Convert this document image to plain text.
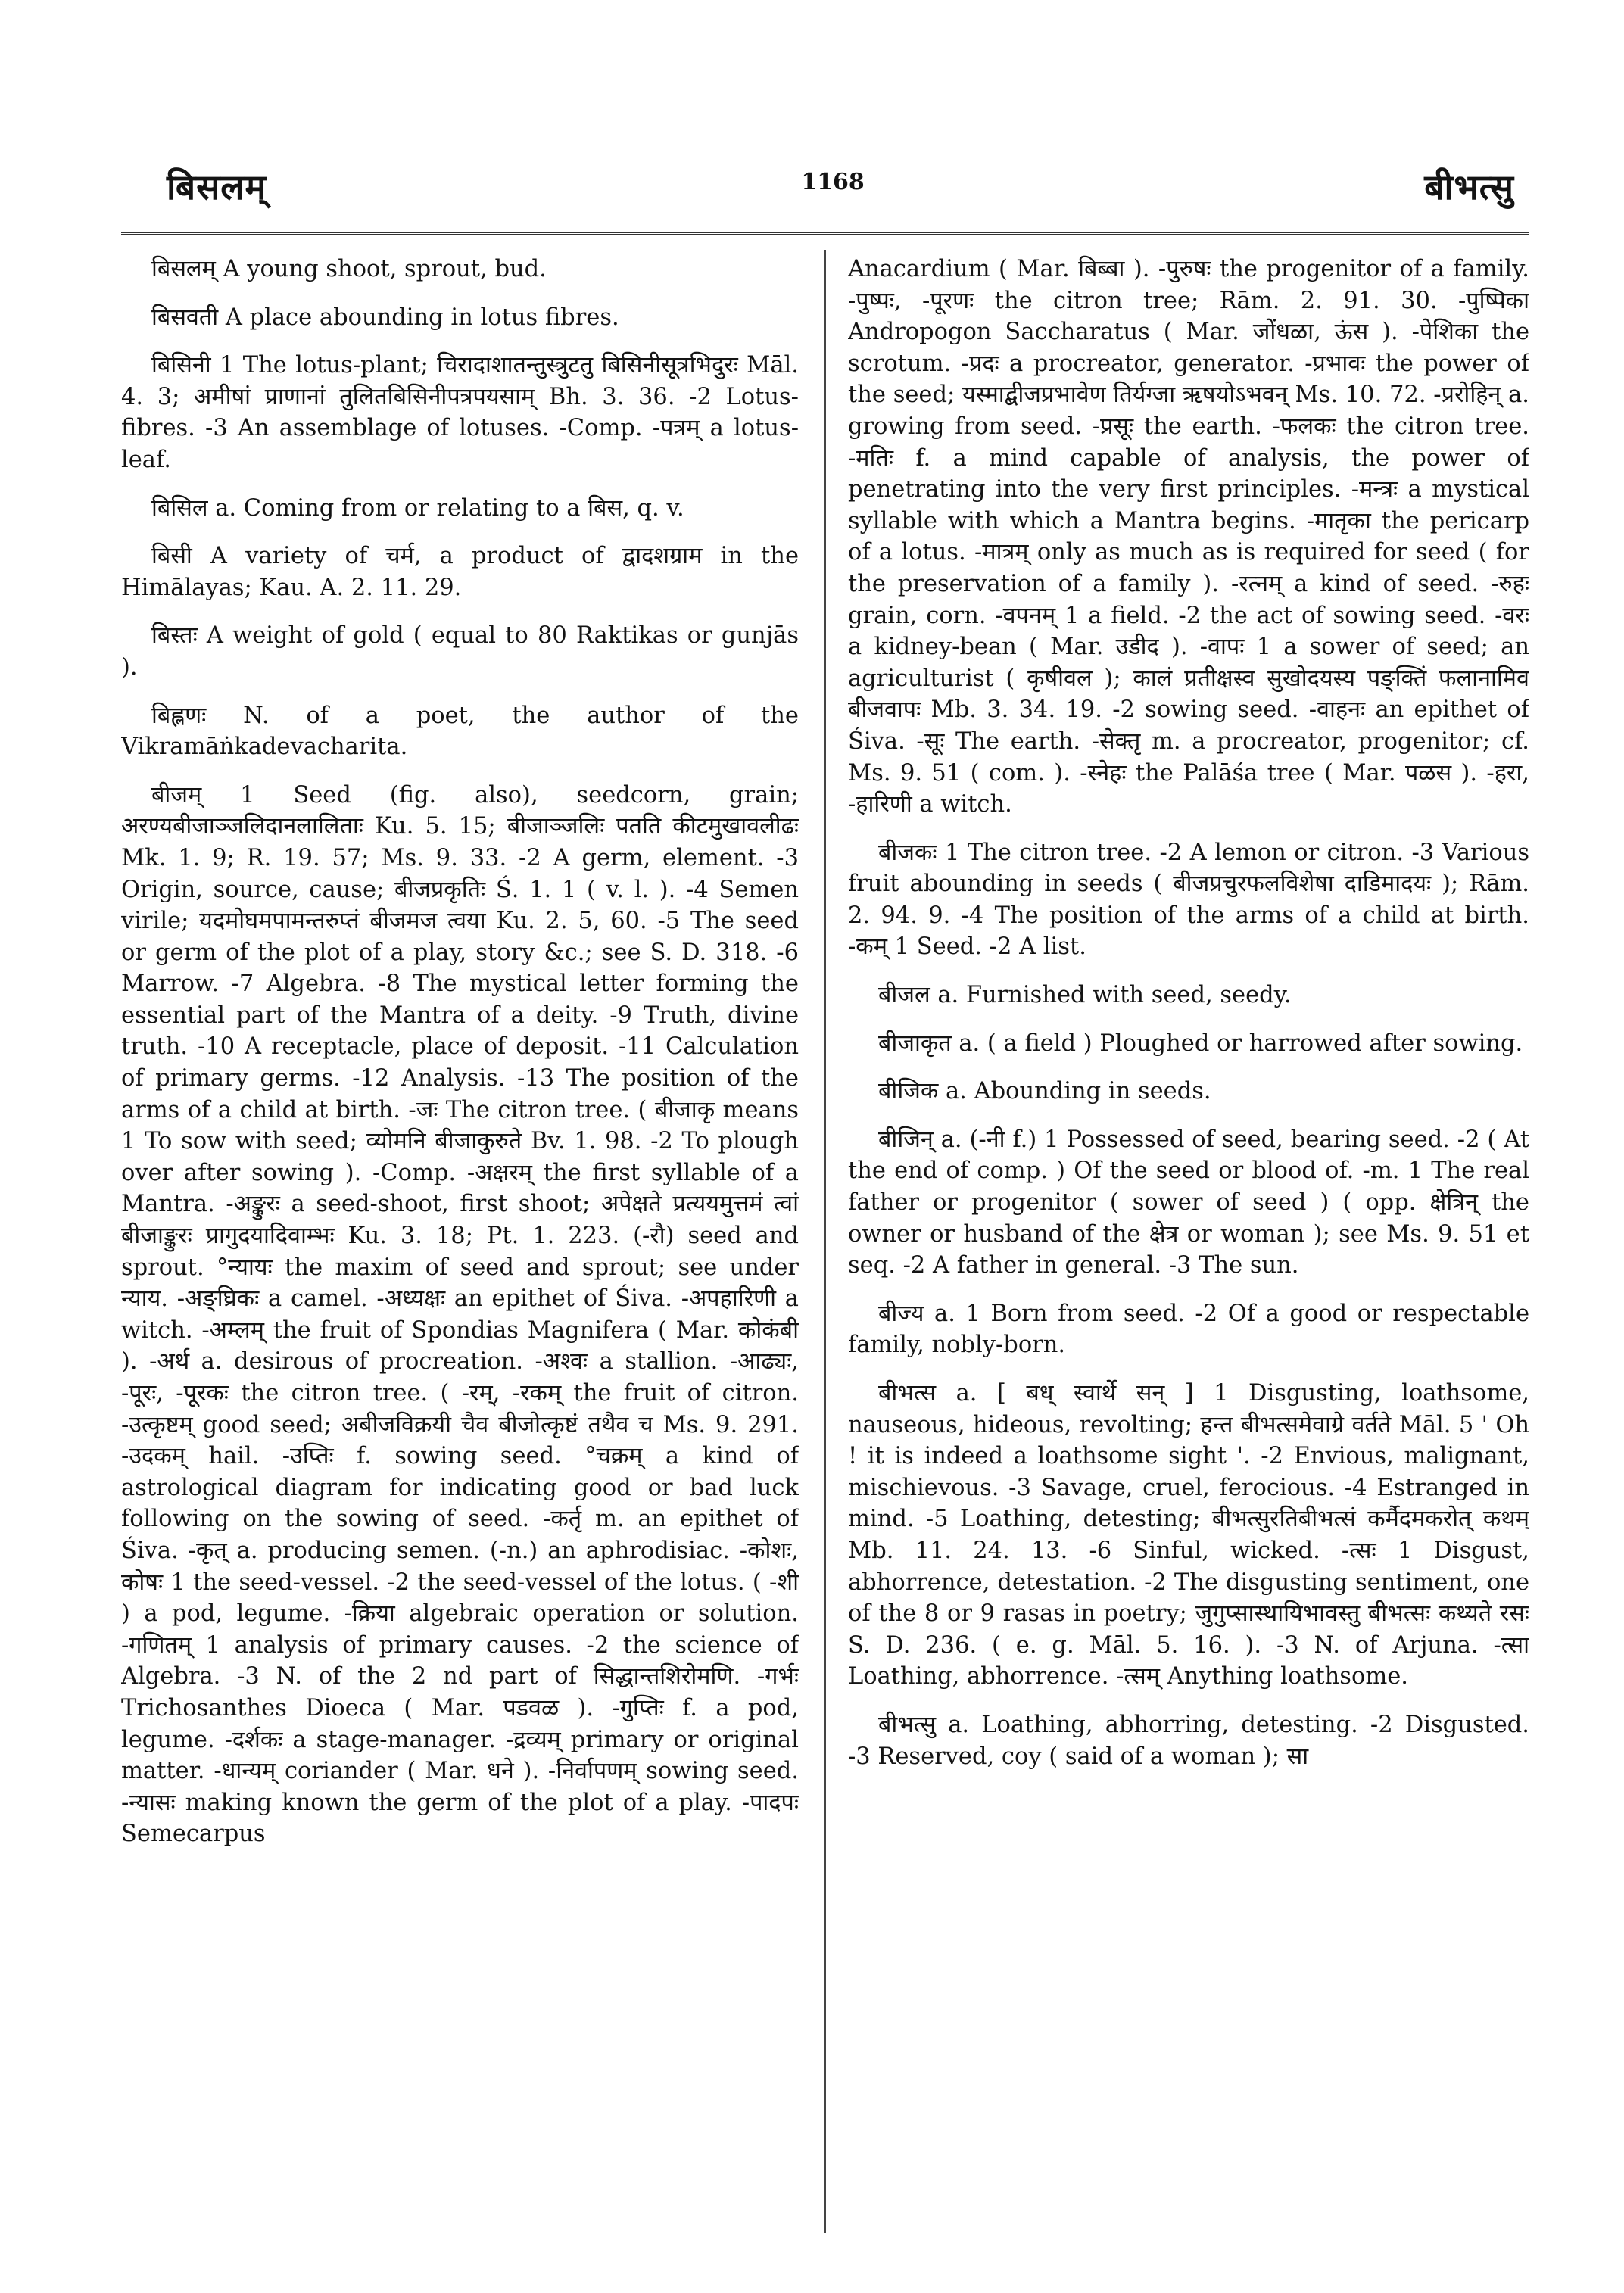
बिसलम्	1168	बीभत्सु

बिसलम् A young shoot, sprout, bud.

बिसवती A place abounding in lotus fibres.

बिसिनी 1 The lotus-plant; चिरादाशातन्तुस्त्रुटतु बिसिनीसूत्रभिदुरः Māl. 4. 3; अमीषां प्राणानां तुलितबिसिनीपत्रपयसाम् Bh. 3. 36. -2 Lotus-fibres. -3 An assemblage of lotuses. -Comp. -पत्रम् a lotus-leaf.

बिसिल a. Coming from or relating to a बिस, q. v.

बिसी A variety of चर्म, a product of द्वादशग्राम in the Himālayas; Kau. A. 2. 11. 29.

बिस्तः A weight of gold ( equal to 80 Raktikas or gunjās ).

बिह्लणः N. of a poet, the author of the Vikramāṅkadevacharita.

बीजम् 1 Seed (fig. also), seedcorn, grain; अरण्यबीजाञ्जलिदानलालिताः Ku. 5. 15; बीजाञ्जलिः पतति कीटमुखावलीढः Mk. 1. 9; R. 19. 57; Ms. 9. 33. -2 A germ, element. -3 Origin, source, cause; बीजप्रकृतिः Ś. 1. 1 ( v. l. ). -4 Semen virile; यदमोघमपामन्तरुप्तं बीजमज त्वया Ku. 2. 5, 60. -5 The seed or germ of the plot of a play, story &c.; see S. D. 318. -6 Marrow. -7 Algebra. -8 The mystical letter forming the essential part of the Mantra of a deity. -9 Truth, divine truth. -10 A receptacle, place of deposit. -11 Calculation of primary germs. -12 Analysis. -13 The position of the arms of a child at birth. -जः The citron tree. ( बीजाकृ means 1 To sow with seed; व्योमनि बीजाकुरुते Bv. 1. 98. -2 To plough over after sowing ). -Comp. -अक्षरम् the first syllable of a Mantra. -अङ्कुरः a seed-shoot, first shoot; अपेक्षते प्रत्ययमुत्तमं त्वां बीजाङ्कुरः प्रागुदयादिवाम्भः Ku. 3. 18; Pt. 1. 223. (-रौ) seed and sprout. °न्यायः the maxim of seed and sprout; see under न्याय. -अङ्घ्रिकः a camel. -अध्यक्षः an epithet of Śiva. -अपहारिणी a witch. -अम्लम् the fruit of Spondias Magnifera ( Mar. कोकंबी ). -अर्थ a. desirous of procreation. -अश्वः a stallion. -आढ्यः, -पूरः, -पूरकः the citron tree. ( -रम्, -रकम् the fruit of citron. -उत्कृष्टम् good seed; अबीजविक्रयी चैव बीजोत्कृष्टं तथैव च Ms. 9. 291. -उदकम् hail. -उप्तिः f. sowing seed. °चक्रम् a kind of astrological diagram for indicating good or bad luck following on the sowing of seed. -कर्तृ m. an epithet of Śiva. -कृत् a. producing semen. (-n.) an aphrodisiac. -कोशः, कोषः 1 the seed-vessel. -2 the seed-vessel of the lotus. ( -शी ) a pod, legume. -क्रिया algebraic operation or solution. -गणितम् 1 analysis of primary causes. -2 the science of Algebra. -3 N. of the 2 nd part of सिद्धान्तशिरोमणि. -गर्भः Trichosanthes Dioeca ( Mar. पडवळ ). -गुप्तिः f. a pod, legume. -दर्शकः a stage-manager. -द्रव्यम् primary or original matter. -धान्यम् coriander ( Mar. धने ). -निर्वापणम् sowing seed. -न्यासः making known the germ of the plot of a play. -पादपः Semecarpus

Anacardium ( Mar. बिब्बा ). -पुरुषः the progenitor of a family. -पुष्पः, -पूरणः the citron tree; Rām. 2. 91. 30. -पुष्पिका Andropogon Saccharatus ( Mar. जोंधळा, ऊंस ). -पेशिका the scrotum. -प्रदः a procreator, generator. -प्रभावः the power of the seed; यस्माद्बीजप्रभावेण तिर्यग्जा ऋषयोऽभवन् Ms. 10. 72. -प्ररोहिन् a. growing from seed. -प्रसूः the earth. -फलकः the citron tree. -मतिः f. a mind capable of analysis, the power of penetrating into the very first principles. -मन्त्रः a mystical syllable with which a Mantra begins. -मातृका the pericarp of a lotus. -मात्रम् only as much as is required for seed ( for the preservation of a family ). -रत्नम् a kind of seed. -रुहः grain, corn. -वपनम् 1 a field. -2 the act of sowing seed. -वरः a kidney-bean ( Mar. उडीद ). -वापः 1 a sower of seed; an agriculturist ( कृषीवल ); कालं प्रतीक्षस्व सुखोदयस्य पङ्क्तिं फलानामिव बीजवापः Mb. 3. 34. 19. -2 sowing seed. -वाहनः an epithet of Śiva. -सूः The earth. -सेक्तृ m. a procreator, progenitor; cf. Ms. 9. 51 ( com. ). -स्नेहः the Palāśa tree ( Mar. पळस ). -हरा, -हारिणी a witch.

बीजकः 1 The citron tree. -2 A lemon or citron. -3 Various fruit abounding in seeds ( बीजप्रचुरफलविशेषा दाडिमादयः ); Rām. 2. 94. 9. -4 The position of the arms of a child at birth. -कम् 1 Seed. -2 A list.

बीजल a. Furnished with seed, seedy.

बीजाकृत a. ( a field ) Ploughed or harrowed after sowing.

बीजिक a. Abounding in seeds.

बीजिन् a. (-नी f.) 1 Possessed of seed, bearing seed. -2 ( At the end of comp. ) Of the seed or blood of. -m. 1 The real father or progenitor ( sower of seed ) ( opp. क्षेत्रिन् the owner or husband of the क्षेत्र or woman ); see Ms. 9. 51 et seq. -2 A father in general. -3 The sun.

बीज्य a. 1 Born from seed. -2 Of a good or respectable family, nobly-born.

बीभत्स a. [ बध् स्वार्थे सन् ] 1 Disgusting, loathsome, nauseous, hideous, revolting; हन्त बीभत्समेवाग्रे वर्तते Māl. 5 ' Oh ! it is indeed a loathsome sight '. -2 Envious, malignant, mischievous. -3 Savage, cruel, ferocious. -4 Estranged in mind. -5 Loathing, detesting; बीभत्सुरतिबीभत्सं कर्मैदमकरोत् कथम् Mb. 11. 24. 13. -6 Sinful, wicked. -त्सः 1 Disgust, abhorrence, detestation. -2 The disgusting sentiment, one of the 8 or 9 rasas in poetry; जुगुप्सास्थायिभावस्तु बीभत्सः कथ्यते रसः S. D. 236. ( e. g. Māl. 5. 16. ). -3 N. of Arjuna. -त्सा Loathing, abhorrence. -त्सम् Anything loathsome.

बीभत्सु a. Loathing, abhorring, detesting. -2 Disgusted. -3 Reserved, coy ( said of a woman ); सा
